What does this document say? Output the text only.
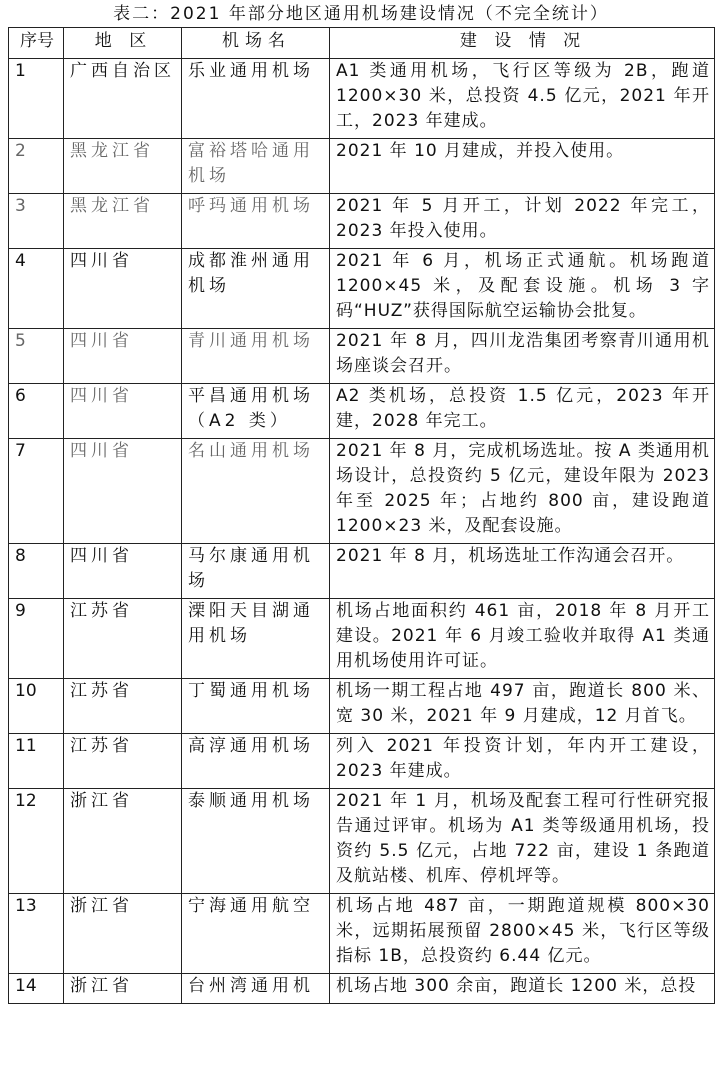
表二：2021 年部分地区通用机场建设情况（不完全统计）
序号	地 区	机场名	建 设 情 况
1	广西自治区	乐业通用机场	A1 类通用机场，飞行区等级为 2B，跑道 1200×30 米，总投资 4.5 亿元，2021 年开工，2023 年建成。
2	黑龙江省	富裕塔哈通用机场	2021 年 10 月建成，并投入使用。
3	黑龙江省	呼玛通用机场	2021 年 5 月开工，计划 2022 年完工，2023 年投入使用。
4	四川省	成都淮州通用机场	2021 年 6 月，机场正式通航。机场跑道 1200×45 米，及配套设施。机场 3 字码“HUZ”获得国际航空运输协会批复。
5	四川省	青川通用机场	2021 年 8 月，四川龙浩集团考察青川通用机场座谈会召开。
6	四川省	平昌通用机场（A2 类）	A2 类机场，总投资 1.5 亿元，2023 年开建，2028 年完工。
7	四川省	名山通用机场	2021 年 8 月，完成机场选址。按 A 类通用机场设计，总投资约 5 亿元，建设年限为 2023 年至 2025 年；占地约 800 亩，建设跑道 1200×23 米，及配套设施。
8	四川省	马尔康通用机场	2021 年 8 月，机场选址工作沟通会召开。
9	江苏省	溧阳天目湖通用机场	机场占地面积约 461 亩，2018 年 8 月开工建设。2021 年 6 月竣工验收并取得 A1 类通用机场使用许可证。
10	江苏省	丁蜀通用机场	机场一期工程占地 497 亩，跑道长 800 米、宽 30 米，2021 年 9 月建成，12 月首飞。
11	江苏省	高淳通用机场	列入 2021 年投资计划，年内开工建设，2023 年建成。
12	浙江省	泰顺通用机场	2021 年 1 月，机场及配套工程可行性研究报告通过评审。机场为 A1 类等级通用机场，投资约 5.5 亿元，占地 722 亩，建设 1 条跑道及航站楼、机库、停机坪等。
13	浙江省	宁海通用航空	机场占地 487 亩，一期跑道规模 800×30 米，远期拓展预留 2800×45 米，飞行区等级指标 1B，总投资约 6.44 亿元。
14	浙江省	台州湾通用机	机场占地 300 余亩，跑道长 1200 米，总投
